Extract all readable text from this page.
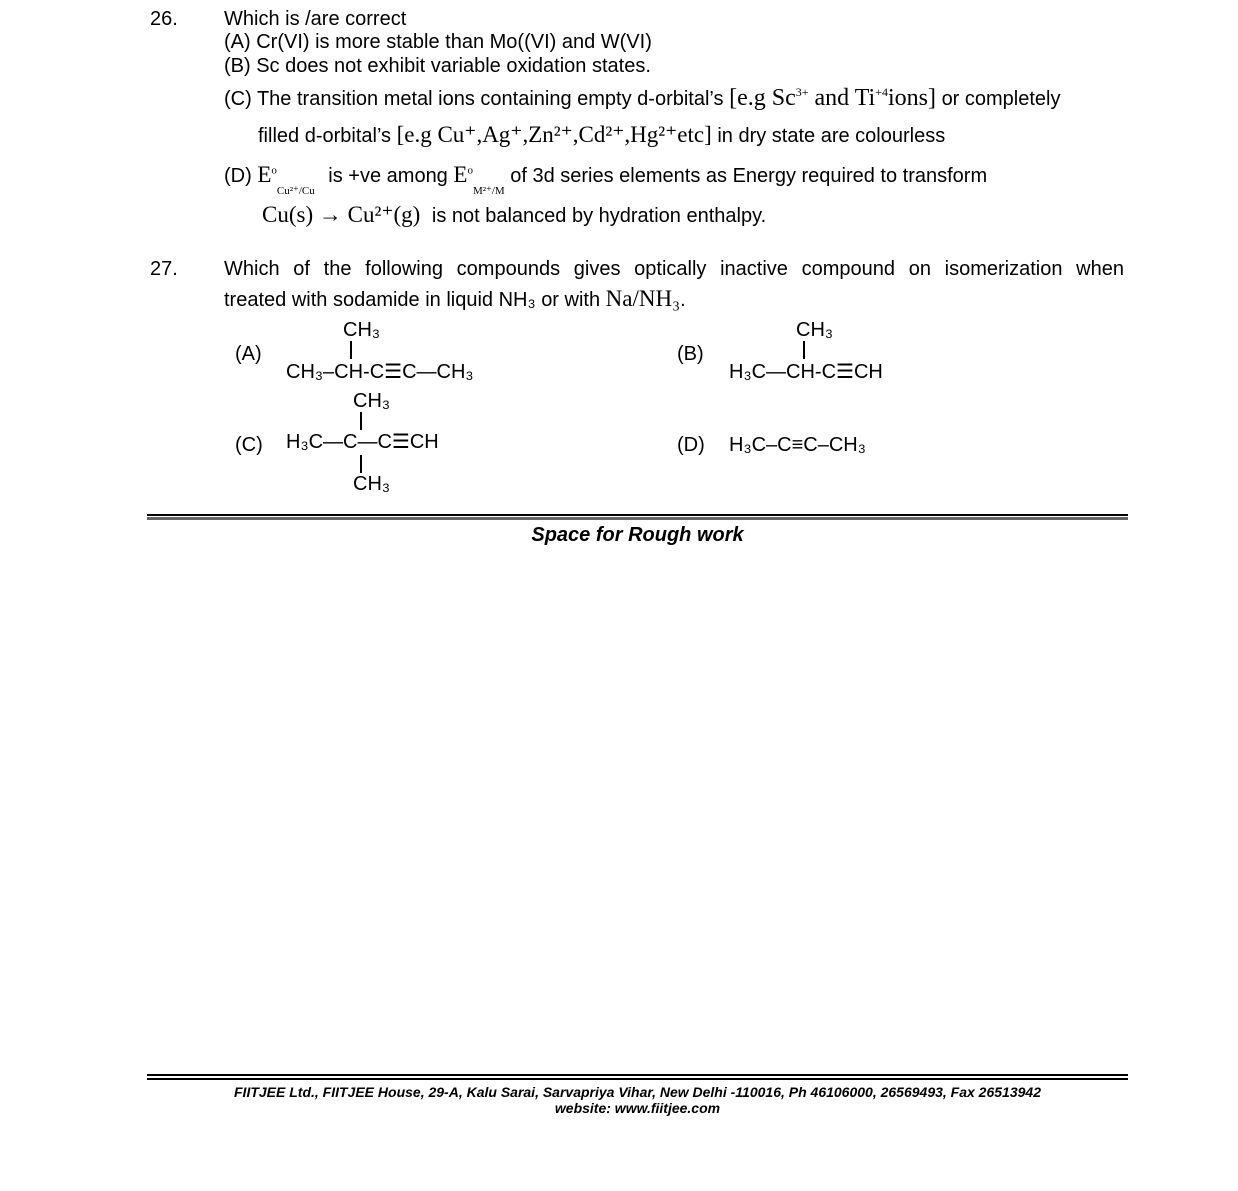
26. Which is /are correct
(A) Cr(VI) is more stable than Mo((VI) and W(VI)
(B) Sc does not exhibit variable oxidation states.
(C) The transition metal ions containing empty d-orbital’s [e.g $Sc^{3+}$ and $Ti^{+4}ions$] or completely
filled d-orbital’s [e.g Cu⁺,Ag⁺,Zn²⁺,Cd²⁺,Hg²⁺etc] in dry state are colourless
(D) $E^o_{Cu^{2+}/Cu}$ is +ve among $E^o_{M^{2+}/M}$ of 3d series elements as Energy required to transform
Cu(s) → Cu²⁺(g) is not balanced by hydration enthalpy.
27. Which of the following compounds gives optically inactive compound on isomerization when
treated with sodamide in liquid NH₃ or with Na/NH₃.
(A)
CH₃
CH₃–CH-C☰C—CH₃
(B)
CH₃
H₃C—CH-C☰CH
(C)
CH₃
H₃C—C—C☰CH
CH₃
(D) H₃C–C≡C–CH₃
Space for Rough work
FIITJEE Ltd., FIITJEE House, 29-A, Kalu Sarai, Sarvapriya Vihar, New Delhi -110016, Ph 46106000, 26569493, Fax 26513942
website: www.fiitjee.com
